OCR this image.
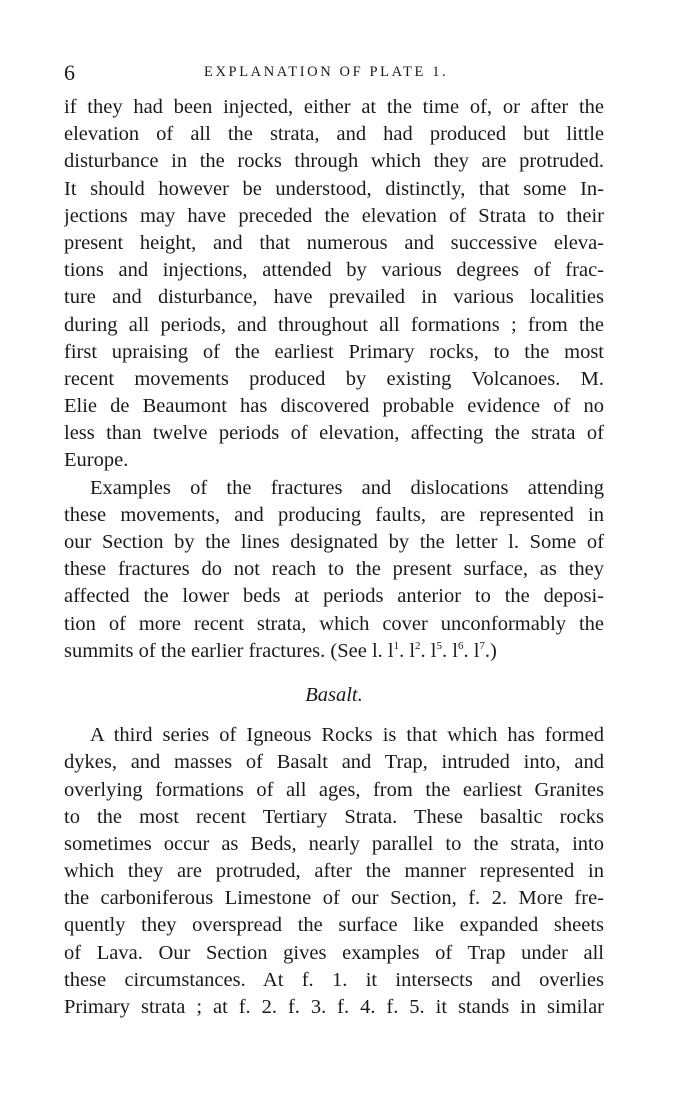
6	EXPLANATION OF PLATE 1.
if they had been injected, either at the time of, or after the
elevation of all the strata, and had produced but little
disturbance in the rocks through which they are protruded.
It should however be understood, distinctly, that some In-
jections may have preceded the elevation of Strata to their
present height, and that numerous and successive eleva-
tions and injections, attended by various degrees of frac-
ture and disturbance, have prevailed in various localities
during all periods, and throughout all formations ; from the
first upraising of the earliest Primary rocks, to the most
recent movements produced by existing Volcanoes. M.
Elie de Beaumont has discovered probable evidence of no
less than twelve periods of elevation, affecting the strata of
Europe.
Examples of the fractures and dislocations attending
these movements, and producing faults, are represented in
our Section by the lines designated by the letter l. Some of
these fractures do not reach to the present surface, as they
affected the lower beds at periods anterior to the deposi-
tion of more recent strata, which cover unconformably the
summits of the earlier fractures. (See l. $l^1$. $l^2$. $l^5$. $l^6$. $l^7$.)
Basalt.
A third series of Igneous Rocks is that which has formed
dykes, and masses of Basalt and Trap, intruded into, and
overlying formations of all ages, from the earliest Granites
to the most recent Tertiary Strata. These basaltic rocks
sometimes occur as Beds, nearly parallel to the strata, into
which they are protruded, after the manner represented in
the carboniferous Limestone of our Section, f. 2. More fre-
quently they overspread the surface like expanded sheets
of Lava. Our Section gives examples of Trap under all
these circumstances. At f. 1. it intersects and overlies
Primary strata ; at f. 2. f. 3. f. 4. f. 5. it stands in similar
